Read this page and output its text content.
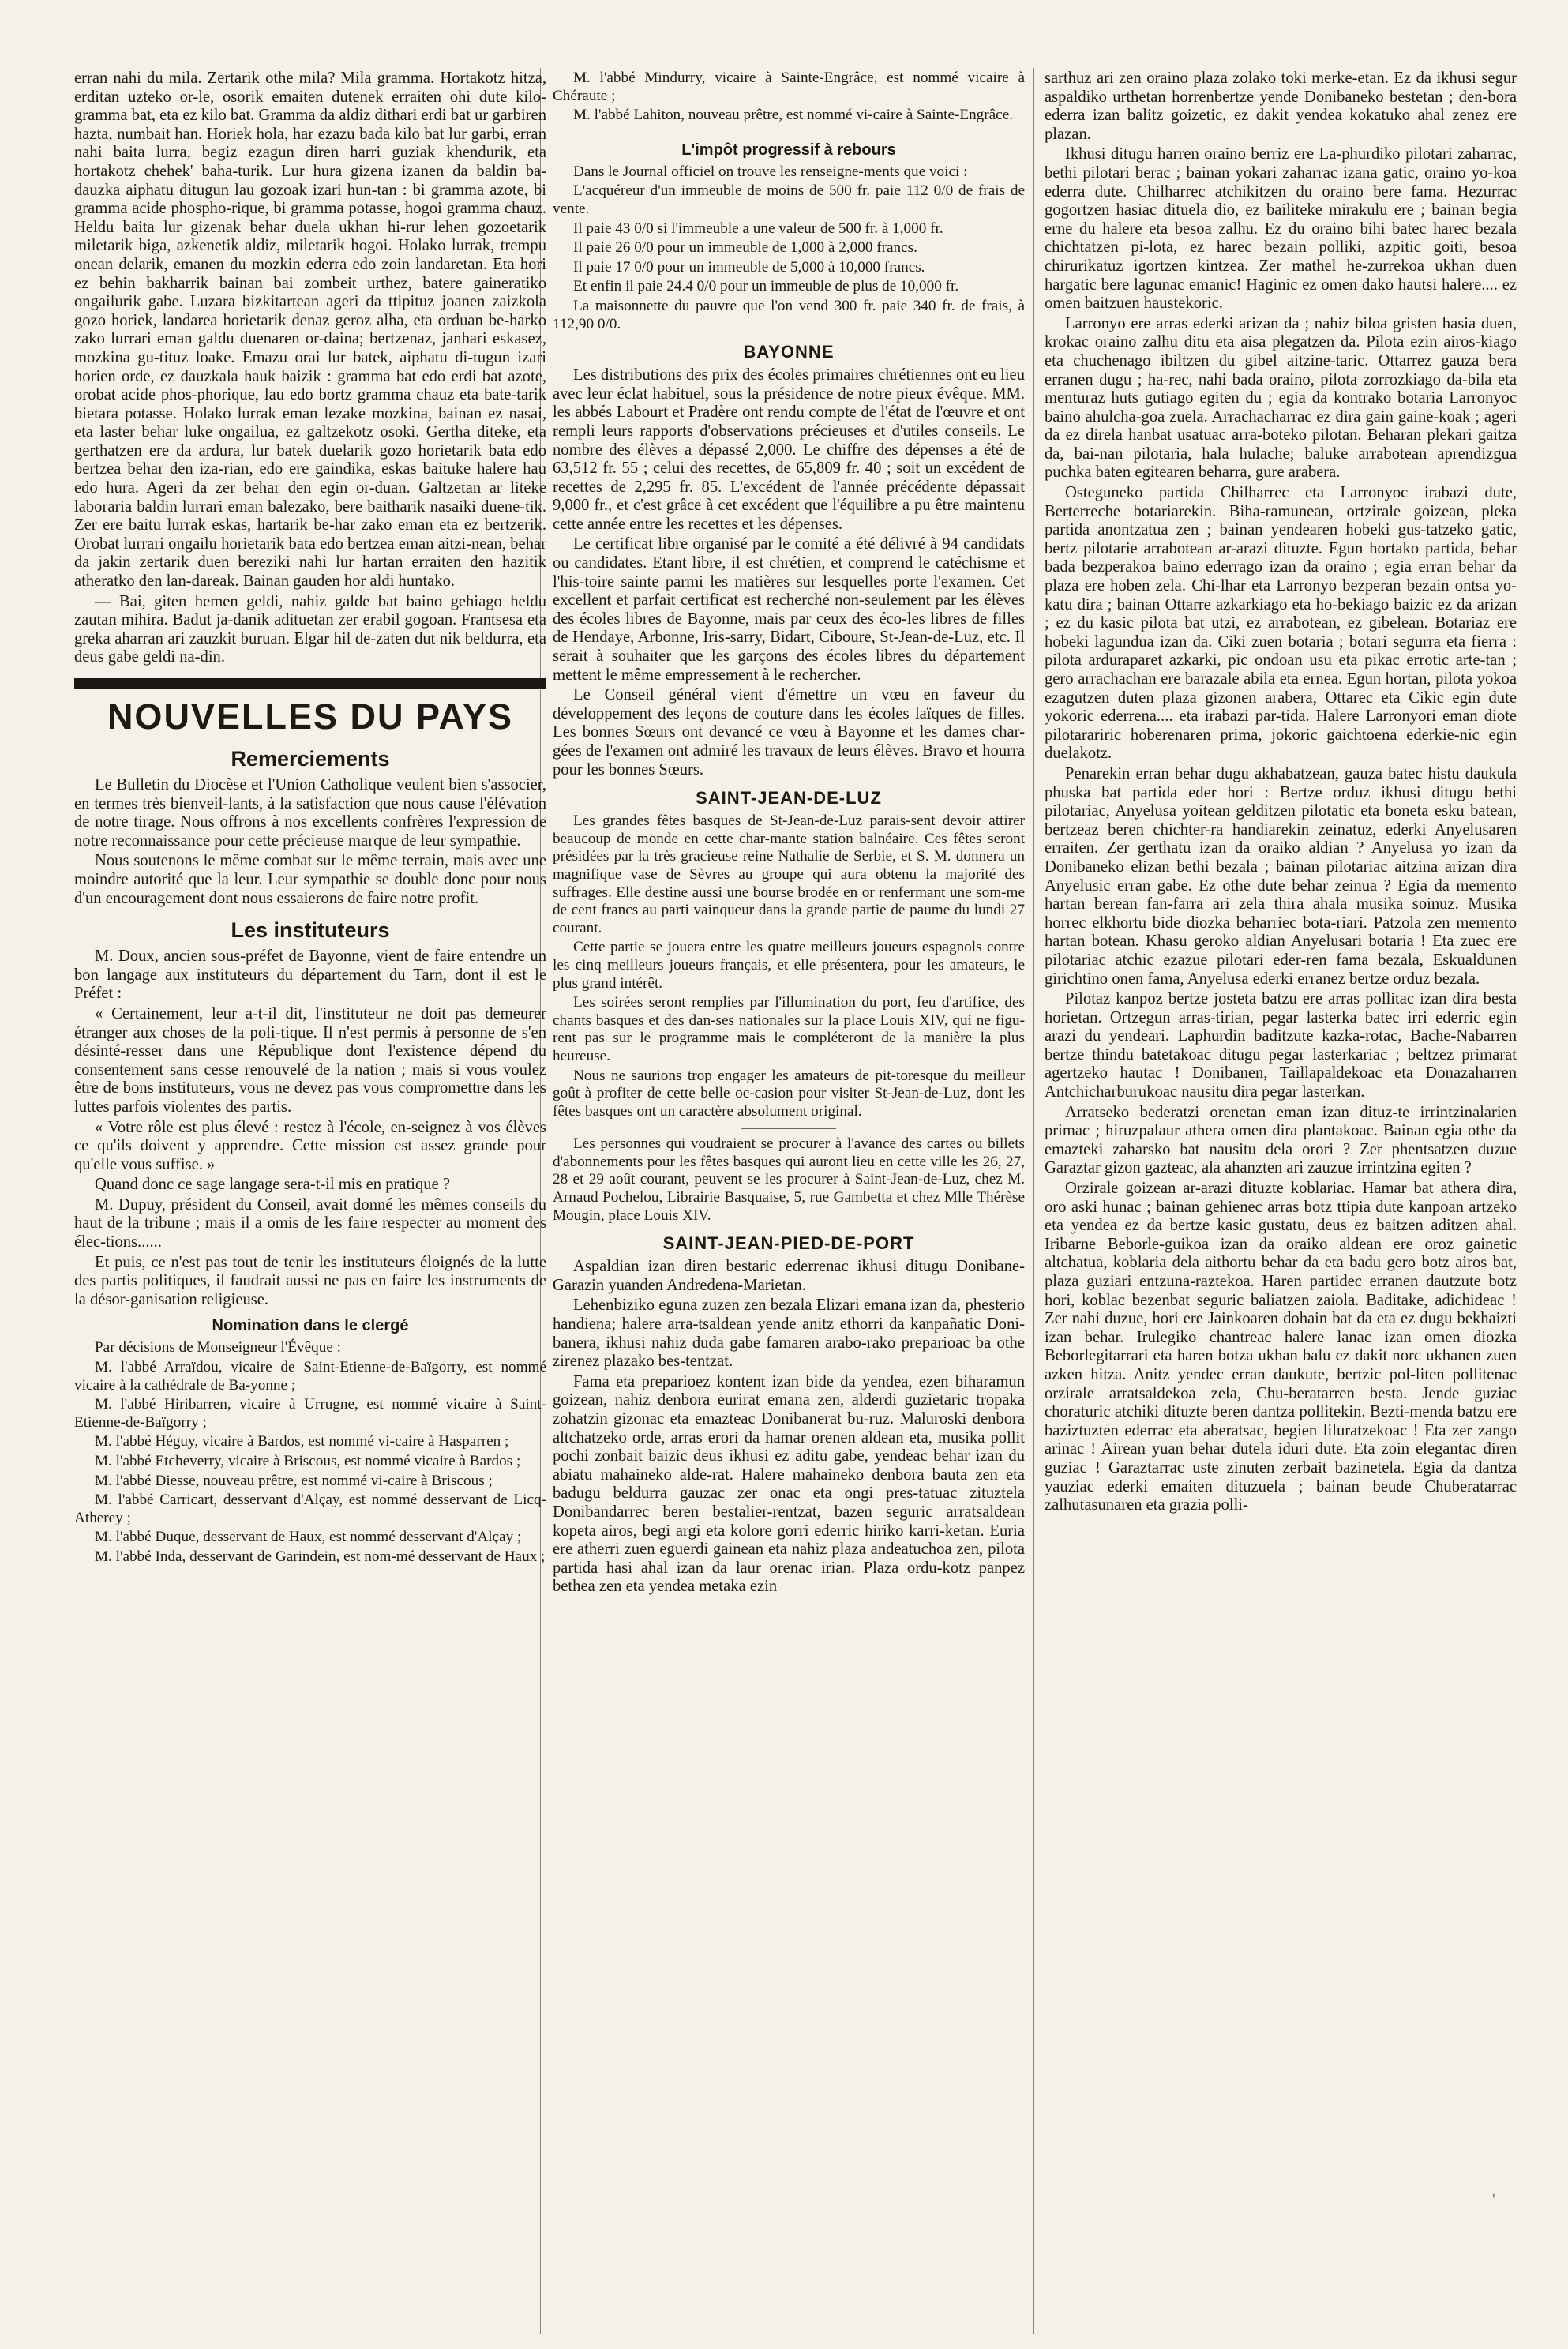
erran nahi du mila. Zertarik othe mila? Mila gramma. Hortakotz hitza, erditan uzteko or-le, osorik emaiten dutenek erraiten ohi dute kilo-gramma bat, eta ez kilo bat. Gramma da aldiz dithari erdi bat ur garbiren hazta, numbait han. Horiek hola, har ezazu bada kilo bat lur garbi, erran nahi baita lurra, begiz ezagun diren harri guziak khendurik, eta hortakotz chehek' baha-turik. Lur hura gizena izanen da baldin ba-dauzka aiphatu ditugun lau gozoak izari hun-tan : bi gramma azote, bi gramma acide phospho-rique, bi gramma potasse, hogoi gramma chauz. Heldu baita lur gizenak behar duela ukhan hi-rur lehen gozoetarik miletarik biga, azkenetik aldiz, miletarik hogoi. Holako lurrak, trempu onean delarik, emanen du mozkin ederra edo zoin landaretan. Eta hori ez behin bakharrik bainan bai zombeit urthez, batere gaineratiko ongailurik gabe. Luzara bizkitartean ageri da ttipituz joanen zaizkola gozo horiek, landarea horietarik denaz geroz alha, eta orduan be-harko zako lurrari eman galdu duenaren or-daina; bertzenaz, janhari eskasez, mozkina gu-tituz loake. Emazu orai lur batek, aiphatu di-tugun izari horien orde, ez dauzkala hauk baizik : gramma bat edo erdi bat azote, orobat acide phos-phorique, lau edo bortz gramma chauz eta bate-tarik bietara potasse. Holako lurrak eman lezake mozkina, bainan ez nasai, eta laster behar luke ongailua, ez galtzekotz osoki. Gertha diteke, eta gerthatzen ere da ardura, lur batek duelarik gozo horietarik bata edo bertzea behar den iza-rian, edo ere gaindika, eskas baituke halere hau edo hura. Ageri da zer behar den egin or-duan. Galtzetan ar liteke laboraria baldin lurrari eman balezako, bere baitharik nasaiki duene-tik. Zer ere baitu lurrak eskas, hartarik be-har zako eman eta ez bertzerik. Orobat lurrari ongailu horietarik bata edo bertzea eman aitzi-nean, behar da jakin zertarik duen bereziki nahi lur hartan erraiten den hazitik atheratko den lan-dareak. Bainan gauden hor aldi huntako.

— Bai, giten hemen geldi, nahiz galde bat baino gehiago heldu zautan mihira. Badut ja-danik adituetan zer erabil gogoan. Frantsesa eta greka aharran ari zauzkit buruan. Elgar hil de-zaten dut nik beldurra, eta deus gabe geldi na-din.

NOUVELLES DU PAYS
Remerciements

Le Bulletin du Diocèse et l'Union Catholique veulent bien s'associer, en termes très bienveil-lants, à la satisfaction que nous cause l'élévation de notre tirage. Nous offrons à nos excellents confrères l'expression de notre reconnaissance pour cette précieuse marque de leur sympathie.

Nous soutenons le même combat sur le même terrain, mais avec une moindre autorité que la leur. Leur sympathie se double donc pour nous d'un encouragement dont nous essaierons de faire notre profit.

Les instituteurs

M. Doux, ancien sous-préfet de Bayonne, vient de faire entendre un bon langage aux instituteurs du département du Tarn, dont il est le Préfet :

« Certainement, leur a-t-il dit, l'instituteur ne doit pas demeurer étranger aux choses de la poli-tique. Il n'est permis à personne de s'en désinté-resser dans une République dont l'existence dépend du consentement sans cesse renouvelé de la nation ; mais si vous voulez être de bons instituteurs, vous ne devez pas vous compromettre dans les luttes parfois violentes des partis.

« Votre rôle est plus élevé : restez à l'école, en-seignez à vos élèves ce qu'ils doivent y apprendre. Cette mission est assez grande pour qu'elle vous suffise. »

Quand donc ce sage langage sera-t-il mis en pratique ?

M. Dupuy, président du Conseil, avait donné les mêmes conseils du haut de la tribune ; mais il a omis de les faire respecter au moment des élec-tions......

Et puis, ce n'est pas tout de tenir les instituteurs éloignés de la lutte des partis politiques, il faudrait aussi ne pas en faire les instruments de la désor-ganisation religieuse.

Nomination dans le clergé

Par décisions de Monseigneur l'Évêque :

M. l'abbé Arraïdou, vicaire de Saint-Etienne-de-Baïgorry, est nommé vicaire à la cathédrale de Ba-yonne ;

M. l'abbé Hiribarren, vicaire à Urrugne, est nommé vicaire à Saint-Etienne-de-Baïgorry ;

M. l'abbé Héguy, vicaire à Bardos, est nommé vi-caire à Hasparren ;

M. l'abbé Etcheverry, vicaire à Briscous, est nommé vicaire à Bardos ;

M. l'abbé Diesse, nouveau prêtre, est nommé vi-caire à Briscous ;

M. l'abbé Carricart, desservant d'Alçay, est nommé desservant de Licq-Atherey ;

M. l'abbé Duque, desservant de Haux, est nommé desservant d'Alçay ;

M. l'abbé Inda, desservant de Garindein, est nom-mé desservant de Haux ;

M. l'abbé Mindurry, vicaire à Sainte-Engrâce, est nommé vicaire à Chéraute ;

M. l'abbé Lahiton, nouveau prêtre, est nommé vi-caire à Sainte-Engrâce.

L'impôt progressif à rebours

Dans le Journal officiel on trouve les renseigne-ments que voici :

L'acquéreur d'un immeuble de moins de 500 fr. paie 112 0/0 de frais de vente.

Il paie 43 0/0 si l'immeuble a une valeur de 500 fr. à 1,000 fr.

Il paie 26 0/0 pour un immeuble de 1,000 à 2,000 francs.

Il paie 17 0/0 pour un immeuble de 5,000 à 10,000 francs.

Et enfin il paie 24.4 0/0 pour un immeuble de plus de 10,000 fr.

La maisonnette du pauvre que l'on vend 300 fr. paie 340 fr. de frais, à 112,90 0/0.

BAYONNE

Les distributions des prix des écoles primaires chrétiennes ont eu lieu avec leur éclat habituel, sous la présidence de notre pieux évêque. MM. les abbés Labourt et Pradère ont rendu compte de l'état de l'œuvre et ont rempli leurs rapports d'observations précieuses et d'utiles conseils. Le nombre des élèves a dépassé 2,000. Le chiffre des dépenses a été de 63,512 fr. 55 ; celui des recettes, de 65,809 fr. 40 ; soit un excédent de recettes de 2,295 fr. 85. L'excédent de l'année précédente dépassait 9,000 fr., et c'est grâce à cet excédent que l'équilibre a pu être maintenu cette année entre les recettes et les dépenses.

Le certificat libre organisé par le comité a été délivré à 94 candidats ou candidates. Etant libre, il est chrétien, et comprend le catéchisme et l'his-toire sainte parmi les matières sur lesquelles porte l'examen. Cet excellent et parfait certificat est recherché non-seulement par les élèves des écoles libres de Bayonne, mais par ceux des éco-les libres de filles de Hendaye, Arbonne, Iris-sarry, Bidart, Ciboure, St-Jean-de-Luz, etc. Il serait à souhaiter que les garçons des écoles libres du département mettent le même empressement à le rechercher.

Le Conseil général vient d'émettre un vœu en faveur du développement des leçons de couture dans les écoles laïques de filles. Les bonnes Sœurs ont devancé ce vœu à Bayonne et les dames char-gées de l'examen ont admiré les travaux de leurs élèves. Bravo et hourra pour les bonnes Sœurs.

SAINT-JEAN-DE-LUZ

Les grandes fêtes basques de St-Jean-de-Luz parais-sent devoir attirer beaucoup de monde en cette char-mante station balnéaire. Ces fêtes seront présidées par la très gracieuse reine Nathalie de Serbie, et S. M. donnera un magnifique vase de Sèvres au groupe qui aura obtenu la majorité des suffrages. Elle destine aussi une bourse brodée en or renfermant une som-me de cent francs au parti vainqueur dans la grande partie de paume du lundi 27 courant.

Cette partie se jouera entre les quatre meilleurs joueurs espagnols contre les cinq meilleurs joueurs français, et elle présentera, pour les amateurs, le plus grand intérêt.

Les soirées seront remplies par l'illumination du port, feu d'artifice, des chants basques et des dan-ses nationales sur la place Louis XIV, qui ne figu-rent pas sur le programme mais le compléteront de la manière la plus heureuse.

Nous ne saurions trop engager les amateurs de pit-toresque du meilleur goût à profiter de cette belle oc-casion pour visiter St-Jean-de-Luz, dont les fêtes basques ont un caractère absolument original.

Les personnes qui voudraient se procurer à l'avance des cartes ou billets d'abonnements pour les fêtes basques qui auront lieu en cette ville les 26, 27, 28 et 29 août courant, peuvent se les procurer à Saint-Jean-de-Luz, chez M. Arnaud Pochelou, Librairie Basquaise, 5, rue Gambetta et chez Mlle Thérèse Mougin, place Louis XIV.

SAINT-JEAN-PIED-DE-PORT

Aspaldian izan diren bestaric ederrenac ikhusi ditugu Donibane-Garazin yuanden Andredena-Marietan.

Lehenbiziko eguna zuzen zen bezala Elizari emana izan da, phesterio handiena; halere arra-tsaldean yende anitz ethorri da kanpañatic Doni-banera, ikhusi nahiz duda gabe famaren arabo-rako preparioac ba othe zirenez plazako bes-tentzat.

Fama eta preparioez kontent izan bide da yendea, ezen biharamun goizean, nahiz denbora eurirat emana zen, alderdi guzietaric tropaka zohatzin gizonac eta emazteac Donibanerat bu-ruz. Maluroski denbora altchatzeko orde, arras erori da hamar orenen aldean eta, musika pollit pochi zonbait baizic deus ikhusi ez aditu gabe, yendeac behar izan du abiatu mahaineko alde-rat. Halere mahaineko denbora bauta zen eta badugu beldurra gauzac zer onac eta ongi pres-tatuac zituztela Donibandarrec beren bestalier-rentzat, bazen seguric arratsaldean kopeta airos, begi argi eta kolore gorri ederric hiriko karri-ketan. Euria ere atherri zuen eguerdi gainean eta nahiz plaza andeatuchoa zen, pilota partida hasi ahal izan da laur orenac irian. Plaza ordu-kotz panpez bethea zen eta yendea metaka ezin

sarthuz ari zen oraino plaza zolako toki merke-etan. Ez da ikhusi segur aspaldiko urthetan horrenbertze yende Donibaneko bestetan ; den-bora ederra izan balitz goizetic, ez dakit yendea kokatuko ahal zenez ere plazan.

Ikhusi ditugu harren oraino berriz ere La-phurdiko pilotari zaharrac, bethi pilotari berac ; bainan yokari zaharrac izana gatic, oraino yo-koa ederra dute. Chilharrec atchikitzen du oraino bere fama. Hezurrac gogortzen hasiac dituela dio, ez bailiteke mirakulu ere ; bainan begia erne du halere eta besoa zalhu. Ez du oraino bihi batec harec bezala chichtatzen pi-lota, ez harec bezain polliki, azpitic goiti, besoa chirurikatuz igortzen kintzea. Zer mathel he-zurrekoa ukhan duen hargatic bere lagunac emanic! Haginic ez omen dako hautsi halere.... ez omen baitzuen haustekoric.

Larronyo ere arras ederki arizan da ; nahiz biloa gristen hasia duen, krokac oraino zalhu ditu eta aisa plegatzen da. Pilota ezin airos-kiago eta chuchenago ibiltzen du gibel aitzine-taric. Ottarrez gauza bera erranen dugu ; ha-rec, nahi bada oraino, pilota zorrozkiago da-bila eta menturaz huts gutiago egiten du ; egia da kontrako botaria Larronyoc baino ahulcha-goa zuela. Arrachacharrac ez dira gain gaine-koak ; ageri da ez direla hanbat usatuac arra-boteko pilotan. Beharan plekari gaitza da, bai-nan pilotaria, hala hulache; baluke arrabotean aprendizgua puchka baten egitearen beharra, gure arabera.

Osteguneko partida Chilharrec eta Larronyoc irabazi dute, Berterreche botariarekin. Biha-ramunean, ortzirale goizean, pleka partida anontzatua zen ; bainan yendearen hobeki gus-tatzeko gatic, bertz pilotarie arrabotean ar-arazi dituzte. Egun hortako partida, behar bada bezperakoa baino ederrago izan da oraino ; egia erran behar da plaza ere hoben zela. Chi-lhar eta Larronyo bezperan bezain ontsa yo-katu dira ; bainan Ottarre azkarkiago eta ho-bekiago baizic ez da arizan ; ez du kasic pilota bat utzi, ez arrabotean, ez gibelean. Botariaz ere hobeki lagundua izan da. Ciki zuen botaria ; botari segurra eta fierra : pilota arduraparet azkarki, pic ondoan usu eta pikac errotic arte-tan ; gero arrachachan ere barazale abila eta ernea. Egun hortan, pilota yokoa ezagutzen duten plaza gizonen arabera, Ottarec eta Cikic egin dute yokoric ederrena.... eta irabazi par-tida. Halere Larronyori eman diote pilotarariric hoberenaren prima, jokoric gaichtoena ederkie-nic egin duelakotz.

Penarekin erran behar dugu akhabatzean, gauza batec histu daukula phuska bat partida eder hori : Bertze orduz ikhusi ditugu bethi pilotariac, Anyelusa yoitean gelditzen pilotatic eta boneta esku batean, bertzeaz beren chichter-ra handiarekin zeinatuz, ederki Anyelusaren erraiten. Zer gerthatu izan da oraiko aldian ? Anyelusa yo izan da Donibaneko elizan bethi bezala ; bainan pilotariac aitzina arizan dira Anyelusic erran gabe. Ez othe dute behar zeinua ? Egia da memento hartan berean fan-farra ari zela thira ahala musika soinuz. Musika horrec elkhortu bide diozka beharriec bota-riari. Patzola zen memento hartan botean. Khasu geroko aldian Anyelusari botaria ! Eta zuec ere pilotariac atchic ezazue pilotari eder-ren fama bezala, Eskualdunen girichtino onen fama, Anyelusa ederki erranez bertze orduz bezala.

Pilotaz kanpoz bertze josteta batzu ere arras pollitac izan dira besta horietan. Ortzegun arras-tirian, pegar lasterka batec irri ederric egin arazi du yendeari. Laphurdin baditzute kazka-rotac, Bache-Nabarren bertze thindu batetakoac ditugu pegar lasterkariac ; beltzez primarat agertzeko hautac ! Donibanen, Taillapaldekoac eta Donazaharren Antchicharburukoac nausitu dira pegar lasterkan.

Arratseko bederatzi orenetan eman izan dituz-te irrintzinalarien primac ; hiruzpalaur athera omen dira plantakoac. Bainan egia othe da emazteki zaharsko bat nausitu dela orori ? Zer phentsatzen duzue Garaztar gizon gazteac, ala ahanzten ari zauzue irrintzina egiten ?

Orzirale goizean ar-arazi dituzte koblariac. Hamar bat athera dira, oro aski hunac ; bainan gehienec arras botz ttipia dute kanpoan artzeko eta yendea ez da bertze kasic gustatu, deus ez baitzen aditzen ahal. Iribarne Beborle-guikoa izan da oraiko aldean ere oroz gainetic altchatua, koblaria dela aithortu behar da eta badu gero botz airos bat, plaza guziari entzuna-raztekoa. Haren partidec erranen dautzute botz hori, koblac bezenbat seguric baliatzen zaiola. Baditake, adichideac ! Zer nahi duzue, hori ere Jainkoaren dohain bat da eta ez dugu bekhaizti izan behar. Irulegiko chantreac halere lanac izan omen diozka Beborlegitarrari eta haren botza ukhan balu ez dakit norc ukhanen zuen azken hitza. Anitz yendec erran daukute, bertzic pol-liten pollitenac orzirale arratsaldekoa zela, Chu-beratarren besta. Jende guziac choraturic atchiki dituzte beren dantza pollitekin. Bezti-menda batzu ere baziztuzten ederrac eta aberatsac, begien liluratzekoac ! Eta zer zango arinac ! Airean yuan behar dutela iduri dute. Eta zoin elegantac diren guziac ! Garaztarrac uste zinuten zerbait bazinetela. Egia da dantza yauziac ederki emaiten dituzuela ; bainan beude Chuberatarrac zalhutasunaren eta grazia polli-

'
